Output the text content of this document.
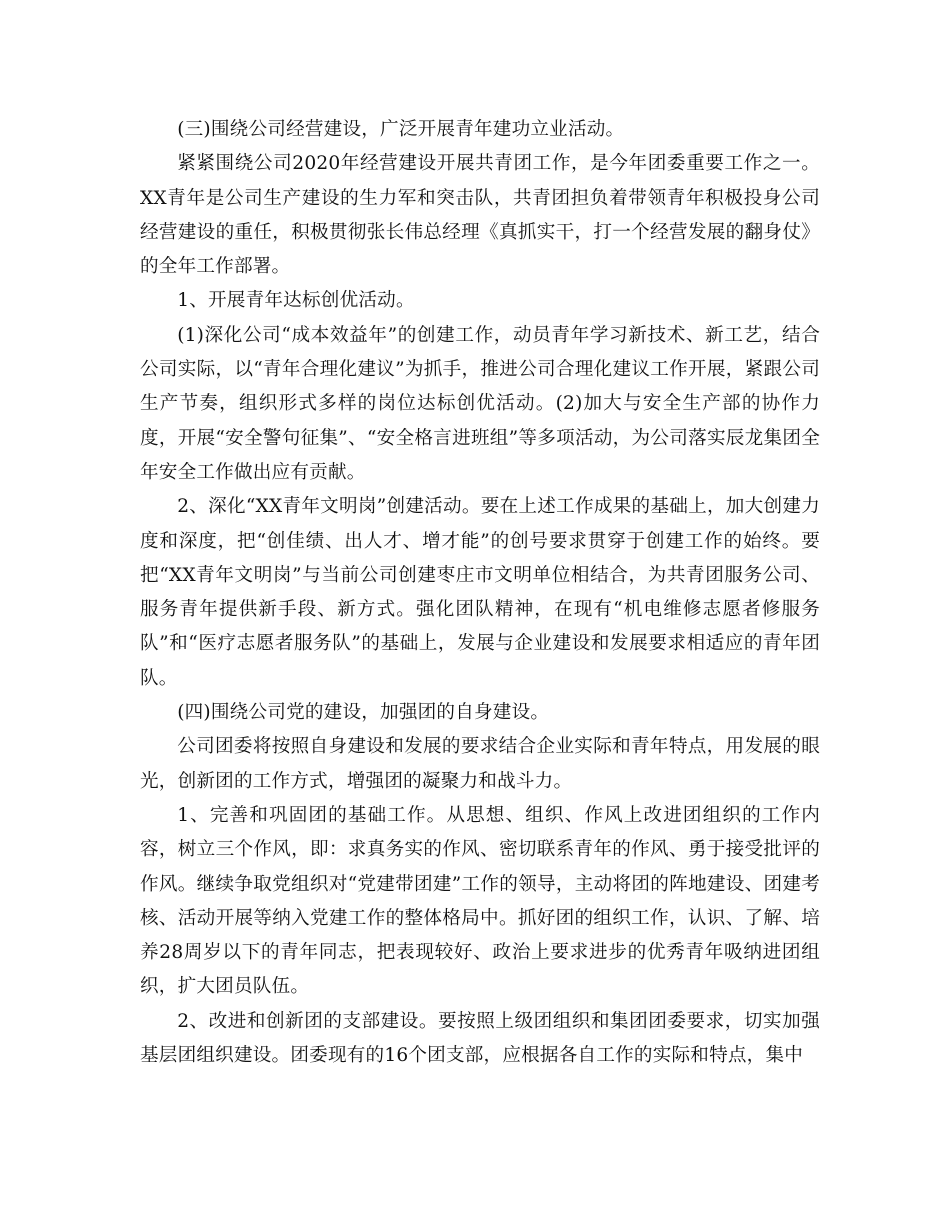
(三)围绕公司经营建设，广泛开展青年建功立业活动。

紧紧围绕公司2020年经营建设开展共青团工作，是今年团委重要工作之一。XX青年是公司生产建设的生力军和突击队，共青团担负着带领青年积极投身公司经营建设的重任，积极贯彻张长伟总经理《真抓实干，打一个经营发展的翻身仗》的全年工作部署。

1、开展青年达标创优活动。

(1)深化公司“成本效益年”的创建工作，动员青年学习新技术、新工艺，结合公司实际，以“青年合理化建议”为抓手，推进公司合理化建议工作开展，紧跟公司生产节奏，组织形式多样的岗位达标创优活动。(2)加大与安全生产部的协作力度，开展“安全警句征集”、“安全格言进班组”等多项活动，为公司落实辰龙集团全年安全工作做出应有贡献。

2、深化“XX青年文明岗”创建活动。要在上述工作成果的基础上，加大创建力度和深度，把“创佳绩、出人才、增才能”的创号要求贯穿于创建工作的始终。要把“XX青年文明岗”与当前公司创建枣庄市文明单位相结合，为共青团服务公司、服务青年提供新手段、新方式。强化团队精神，在现有“机电维修志愿者修服务队”和“医疗志愿者服务队”的基础上，发展与企业建设和发展要求相适应的青年团队。

(四)围绕公司党的建设，加强团的自身建设。

公司团委将按照自身建设和发展的要求结合企业实际和青年特点，用发展的眼光，创新团的工作方式，增强团的凝聚力和战斗力。

1、完善和巩固团的基础工作。从思想、组织、作风上改进团组织的工作内容，树立三个作风，即：求真务实的作风、密切联系青年的作风、勇于接受批评的作风。继续争取党组织对“党建带团建”工作的领导，主动将团的阵地建设、团建考核、活动开展等纳入党建工作的整体格局中。抓好团的组织工作，认识、了解、培养28周岁以下的青年同志，把表现较好、政治上要求进步的优秀青年吸纳进团组织，扩大团员队伍。

2、改进和创新团的支部建设。要按照上级团组织和集团团委要求，切实加强基层团组织建设。团委现有的16个团支部，应根据各自工作的实际和特点，集中
